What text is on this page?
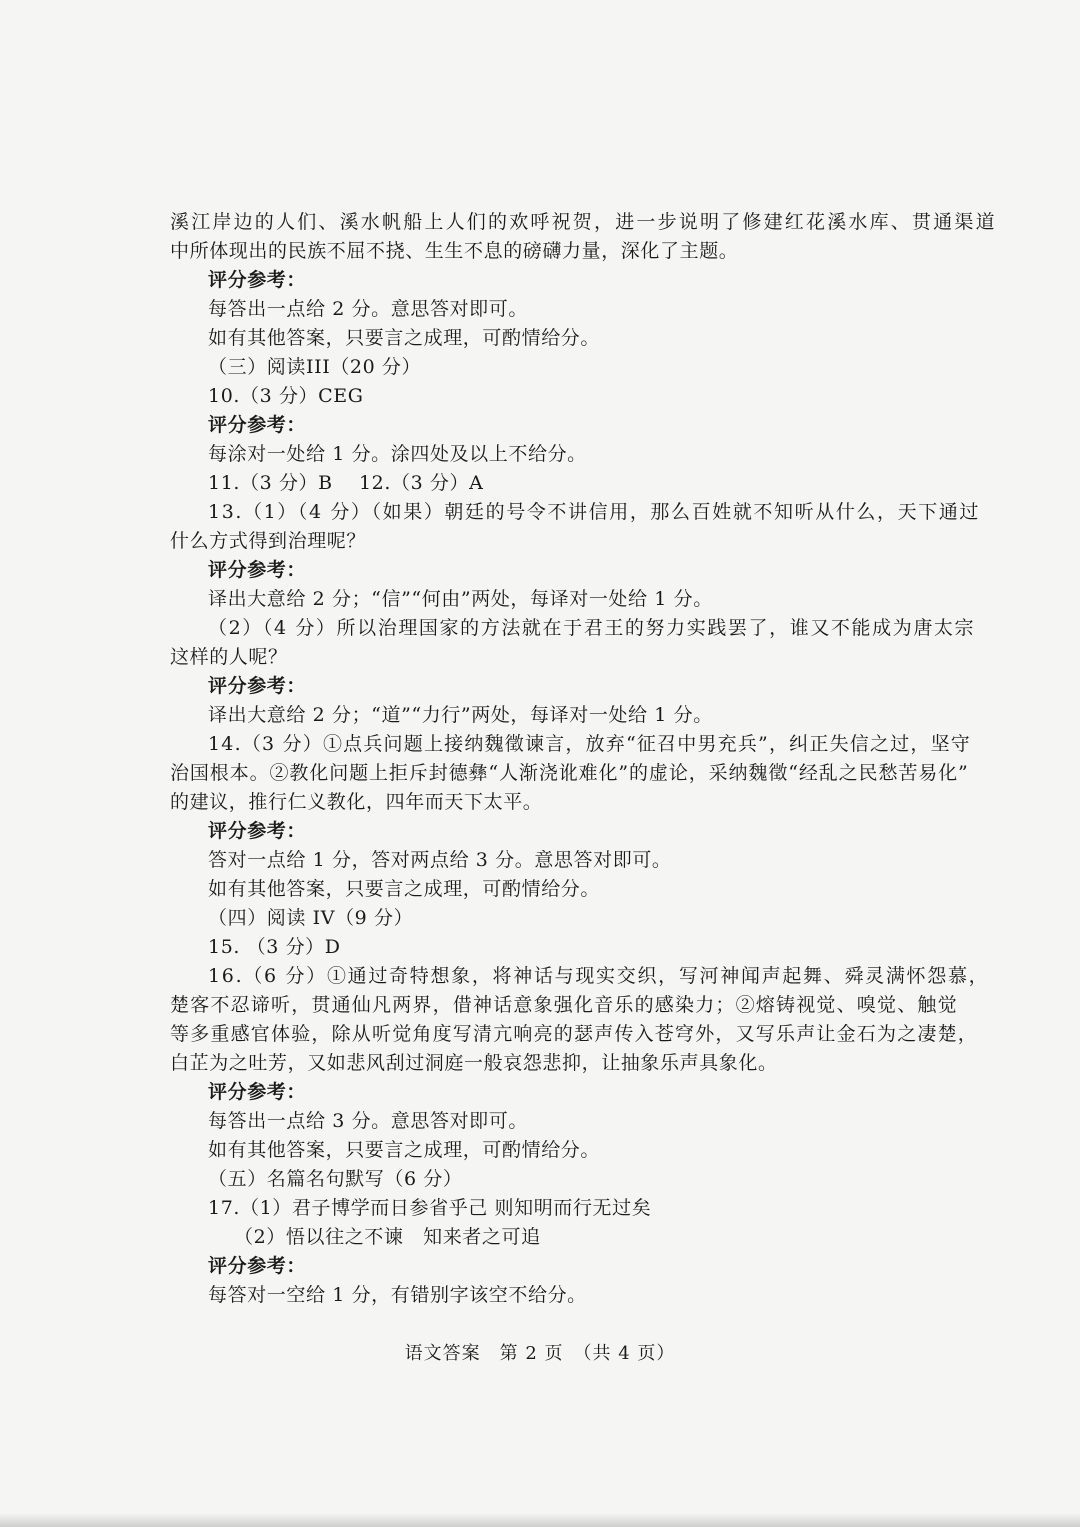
溪江岸边的人们、溪水帆船上人们的欢呼祝贺，进一步说明了修建红花溪水库、贯通渠道
中所体现出的民族不屈不挠、生生不息的磅礴力量，深化了主题。
评分参考：
每答出一点给 2 分。意思答对即可。
如有其他答案，只要言之成理，可酌情给分。
（三）阅读III（20 分）
10.（3 分）CEG
评分参考：
每涂对一处给 1 分。涂四处及以上不给分。
11.（3 分）B　 12.（3 分）A
13.（1）（4 分）（如果）朝廷的号令不讲信用，那么百姓就不知听从什么，天下通过
什么方式得到治理呢？
评分参考：
译出大意给 2 分；“信”“何由”两处，每译对一处给 1 分。
（2）（4 分）所以治理国家的方法就在于君王的努力实践罢了，谁又不能成为唐太宗
这样的人呢？
评分参考：
译出大意给 2 分；“道”“力行”两处，每译对一处给 1 分。
14.（3 分）①点兵问题上接纳魏徵谏言，放弃“征召中男充兵”，纠正失信之过，坚守
治国根本。②教化问题上拒斥封德彝“人渐浇讹难化”的虚论，采纳魏徵“经乱之民愁苦易化”
的建议，推行仁义教化，四年而天下太平。
评分参考：
答对一点给 1 分，答对两点给 3 分。意思答对即可。
如有其他答案，只要言之成理，可酌情给分。
（四）阅读 IV（9 分）
15. （3 分）D
16.（6 分）①通过奇特想象，将神话与现实交织，写河神闻声起舞、舜灵满怀怨慕，
楚客不忍谛听，贯通仙凡两界，借神话意象强化音乐的感染力；②熔铸视觉、嗅觉、触觉
等多重感官体验，除从听觉角度写清亢响亮的瑟声传入苍穹外，又写乐声让金石为之凄楚，
白芷为之吐芳，又如悲风刮过洞庭一般哀怨悲抑，让抽象乐声具象化。
评分参考：
每答出一点给 3 分。意思答对即可。
如有其他答案，只要言之成理，可酌情给分。
（五）名篇名句默写（6 分）
17.（1）君子博学而日参省乎己 则知明而行无过矣
（2）悟以往之不谏　知来者之可追
评分参考：
每答对一空给 1 分，有错别字该空不给分。
语文答案　第 2 页　（共 4 页）
